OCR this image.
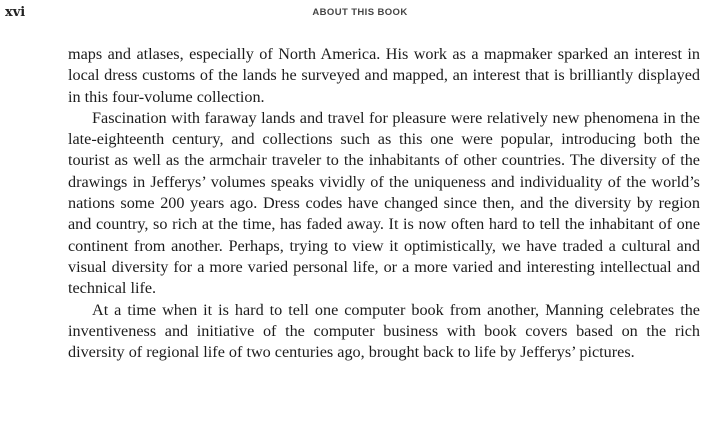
xvi	ABOUT THIS BOOK

maps and atlases, especially of North America. His work as a mapmaker sparked an interest in local dress customs of the lands he surveyed and mapped, an interest that is brilliantly displayed in this four-volume collection.

Fascination with faraway lands and travel for pleasure were relatively new phenomena in the late-eighteenth century, and collections such as this one were popular, introducing both the tourist as well as the armchair traveler to the inhabitants of other countries. The diversity of the drawings in Jefferys’ volumes speaks vividly of the uniqueness and individuality of the world’s nations some 200 years ago. Dress codes have changed since then, and the diversity by region and country, so rich at the time, has faded away. It is now often hard to tell the inhabitant of one continent from another. Perhaps, trying to view it optimistically, we have traded a cultural and visual diversity for a more varied personal life, or a more varied and interesting intellectual and technical life.

At a time when it is hard to tell one computer book from another, Manning celebrates the inventiveness and initiative of the computer business with book covers based on the rich diversity of regional life of two centuries ago, brought back to life by Jefferys’ pictures.
